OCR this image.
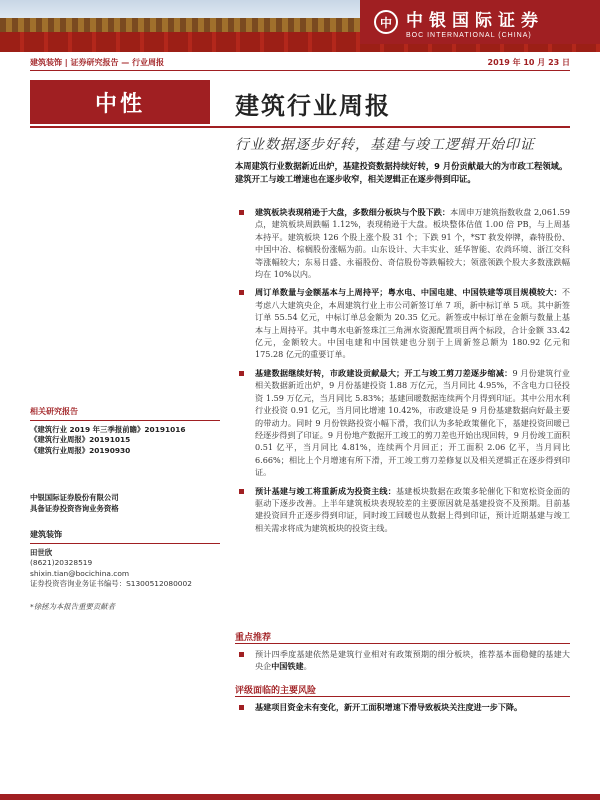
中 中银国际证券
BOC INTERNATIONAL (CHINA)
建筑装饰 | 证券研究报告 — 行业周报	2019 年 10 月 23 日
中性	建筑行业周报
行业数据逐步好转，基建与竣工逻辑开始印证
本周建筑行业数据新近出炉，基建投资数据持续好转，9 月份贡献最大的为市政工程领域。建筑开工与竣工增速也在逐步收窄，相关逻辑正在逐步得到印证。
建筑板块表现稍逊于大盘，多数细分板块与个股下跌：本周申万建筑指数收盘 2,061.59 点，建筑板块周跌幅 1.12%，表现稍逊于大盘。板块整体估值 1.00 倍 PB，与上周基本持平。建筑板块 126 个股上涨个股 31 个；下跌 91 个，*ST 救发停牌，森特股份、中国中冶、棕榈股份涨幅为前。山东设计、大丰实业、延华智能、农尚环境、浙江交科等涨幅较大；东易日盛、永福股份、奇信股份等跌幅较大；领涨领跌个股大多数涨跌幅均在 10%以内。
周订单数量与金额基本与上周持平；粤水电、中国电建、中国铁建等项目规模较大：不考虑八大建筑央企，本周建筑行业上市公司新签订单 7 项，新中标订单 5 项。其中新签订单 55.54 亿元，中标订单总金额为 20.35 亿元。新签或中标订单在金额与数量上基本与上周持平。其中粤水电新签珠江三角洲水资源配置项目两个标段，合计金额 33.42 亿元，金额较大。中国电建和中国铁建也分别于上周新签总额为 180.92 亿元和 175.28 亿元的重要订单。
基建数据继续好转，市政建设贡献最大；开工与竣工剪刀差逐步缩减：9 月份建筑行业相关数据新近出炉，9 月份基建投资 1.88 万亿元，当月同比 4.95%，不含电力口径投资 1.59 万亿元，当月同比 5.83%；基建回暖数据连续两个月得到印证。其中公用水利行业投资 0.91 亿元，当月同比增速 10.42%，市政建设是 9 月份基建数据向好最主要的带动力。同时 9 月份铁路投资小幅下滑，我们认为多轮政策催化下，基建投资回暖已经逐步得到了印证。9 月份地产数据开工竣工的剪刀差也开始出现回转，9 月份竣工面积 0.51 亿平，当月同比 4.81%，连续两个月回正；开工面积 2.06 亿平，当月同比 6.66%；相比上个月增速有所下滑，开工竣工剪刀差修复以及相关逻辑正在逐步得到印证。
预计基建与竣工将重新成为投资主线：基建板块数据在政策多轮催化下和宽松资金面的驱动下逐步改善。上半年建筑板块表现较差的主要原因就是基建投资不及预期。目前基建投资回升正逐步得到印证，同时竣工回暖也从数据上得到印证，预计近期基建与竣工相关需求将成为建筑板块的投资主线。
重点推荐
预计四季度基建依然是建筑行业相对有政策预期的细分板块，推荐基本面稳健的基建大央企中国铁建。
评级面临的主要风险
基建项目资金未有变化，新开工面积增速下滑导致板块关注度进一步下降。
相关研究报告
《建筑行业 2019 年三季报前瞻》20191016
《建筑行业周报》20191015
《建筑行业周报》20190930
中银国际证券股份有限公司
具备证券投资咨询业务资格
建筑装饰
田世欣
(8621)20328519
shixin.tian@bocichina.com
证券投资咨询业务证书编号：S1300512080002
*徐拯为本报告重要贡献者
